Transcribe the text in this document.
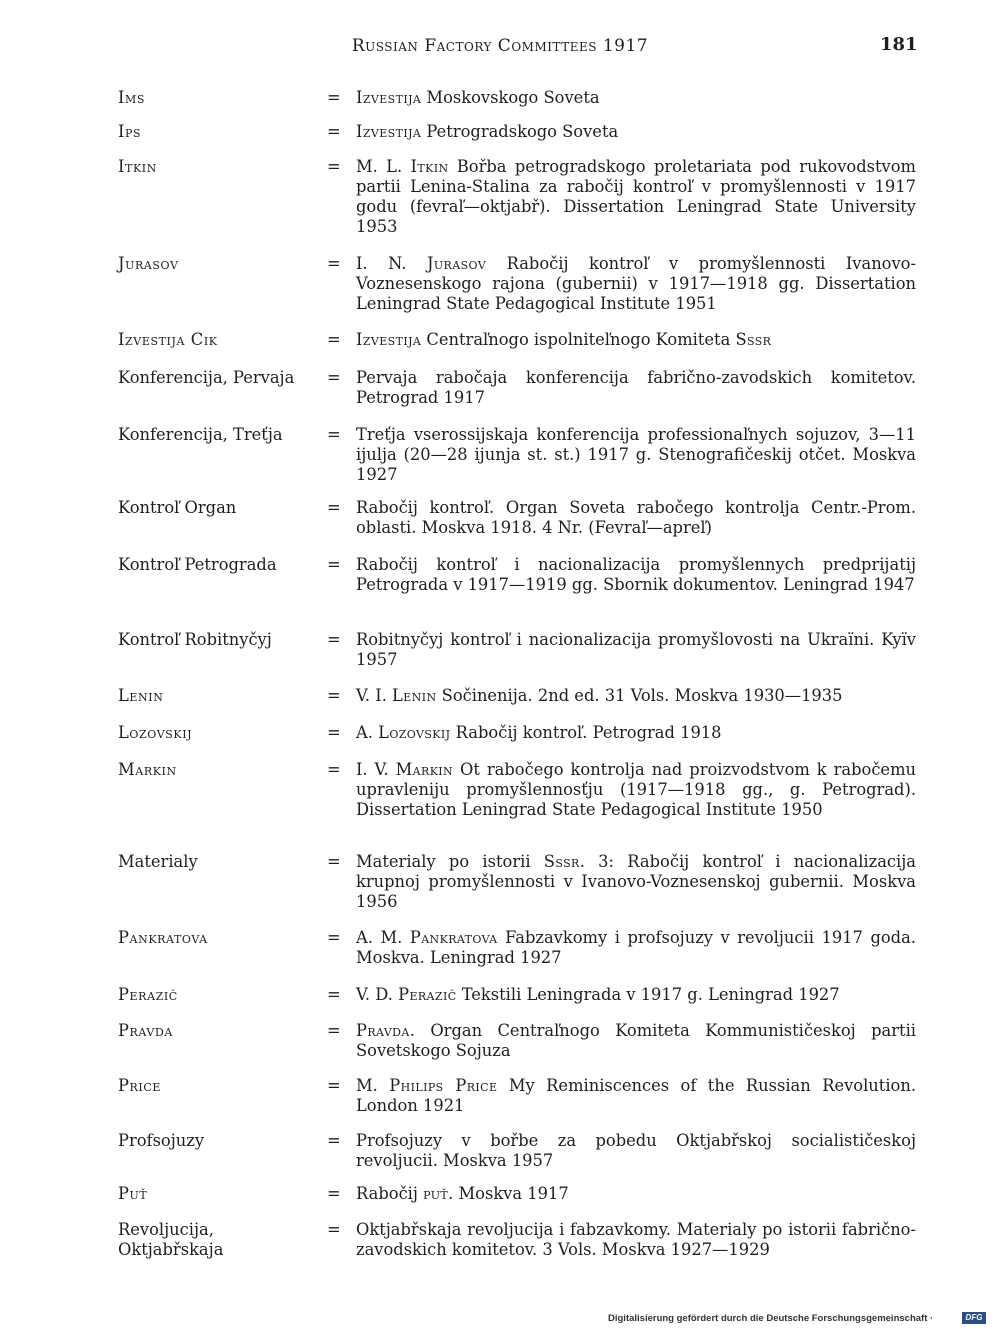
Russian Factory Committees 1917	181
Ims	= Izvestija Moskovskogo Soveta
Ips	= Izvestija Petrogradskogo Soveta
Itkin	= M. L. Itkin Bořba petrogradskogo proletariata pod rukovodstvom partii Lenina-Stalina za rabočij kontroľ v promyšlennosti v 1917 godu (fevraľ—oktjabř). Dissertation Leningrad State University 1953
Jurasov	= I. N. Jurasov Rabočij kontroľ v promyšlennosti Ivanovo-Voznesenskogo rajona (gubernii) v 1917—1918 gg. Dissertation Leningrad State Pedagogical Institute 1951
Izvestija Cik	= Izvestija Centraľnogo ispolniteľnogo Komiteta Sssr
Konferencija, Pervaja	= Pervaja rabočaja konferencija fabrično-zavodskich komitetov. Petrograd 1917
Konferencija, Treťja	= Treťja vserossijskaja konferencija professionaľnych sojuzov, 3—11 ijulja (20—28 ijunja st. st.) 1917 g. Stenografičeskij otčet. Moskva 1927
Kontroľ Organ	= Rabočij kontroľ. Organ Soveta rabočego kontrolja Centr.-Prom. oblasti. Moskva 1918. 4 Nr. (Fevraľ—apreľ)
Kontroľ Petrograda	= Rabočij kontroľ i nacionalizacija promyšlennych predprijatij Petrograda v 1917—1919 gg. Sbornik dokumentov. Leningrad 1947
Kontroľ Robitnyčyj	= Robitnyčyj kontroľ i nacionalizacija promyšlovosti na Ukraïni. Kyïv 1957
Lenin	= V. I. Lenin Sočinenija. 2nd ed. 31 Vols. Moskva 1930—1935
Lozovskij	= A. Lozovskij Rabočij kontroľ. Petrograd 1918
Markin	= I. V. Markin Ot rabočego kontrolja nad proizvodstvom k rabočemu upravleniju promyšlennosťju (1917—1918 gg., g. Petrograd). Dissertation Leningrad State Pedagogical Institute 1950
Materialy	= Materialy po istorii Sssr. 3: Rabočij kontroľ i nacionalizacija krupnoj promyšlennosti v Ivanovo-Voznesenskoj gubernii. Moskva 1956
Pankratova	= A. M. Pankratova Fabzavkomy i profsojuzy v revoljucii 1917 goda. Moskva. Leningrad 1927
Perazič	= V. D. Perazič Tekstili Leningrada v 1917 g. Leningrad 1927
Pravda	= Pravda. Organ Centraľnogo Komiteta Kommunističeskoj partii Sovetskogo Sojuza
Price	= M. Philips Price My Reminiscences of the Russian Revolution. London 1921
Profsojuzy	= Profsojuzy v bořbe za pobedu Oktjabřskoj socialističeskoj revoljucii. Moskva 1957
Puť	= Rabočij puť. Moskva 1917
Revoljucija, Oktjabřskaja
= Oktjabřskaja revoljucija i fabzavkomy. Materialy po istorii fabrično-zavodskich komitetov. 3 Vols. Moskva 1927—1929
Digitalisierung gefördert durch die Deutsche Forschungsgemeinschaft ·	DFG
